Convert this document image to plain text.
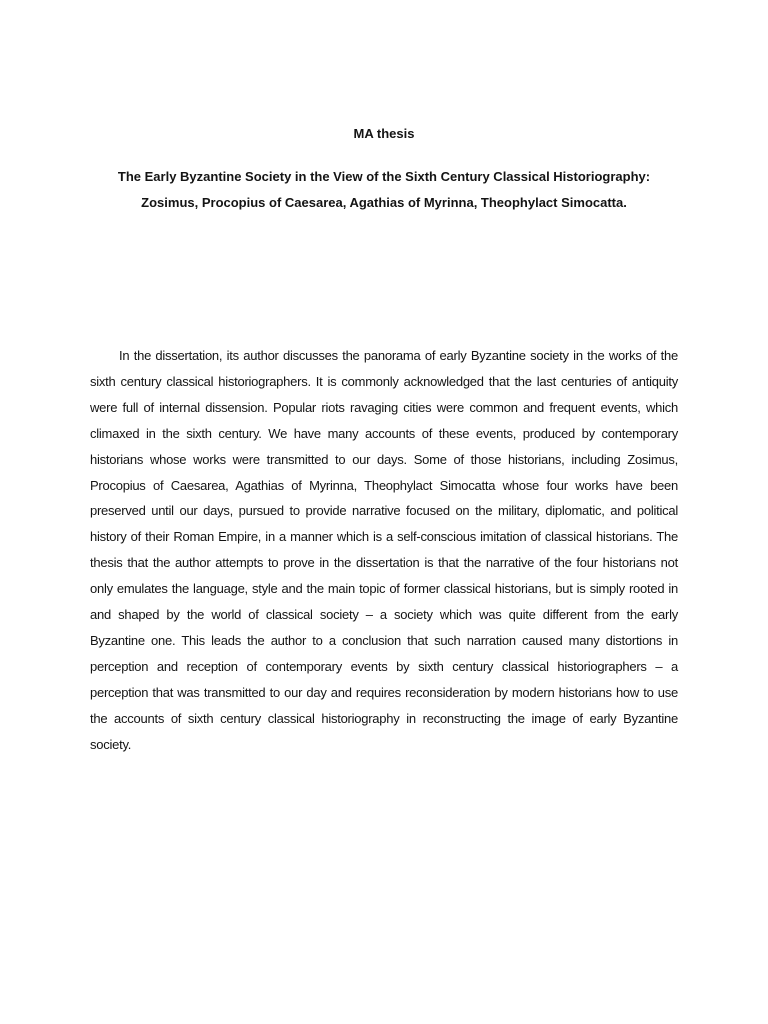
MA thesis
The Early Byzantine Society in the View of the Sixth Century Classical Historiography: Zosimus, Procopius of Caesarea, Agathias of Myrinna, Theophylact Simocatta.

In the dissertation, its author discusses the panorama of early Byzantine society in the works of the sixth century classical historiographers. It is commonly acknowledged that the last centuries of antiquity were full of internal dissension. Popular riots ravaging cities were common and frequent events, which climaxed in the sixth century. We have many accounts of these events, produced by contemporary historians whose works were transmitted to our days. Some of those historians, including Zosimus, Procopius of Caesarea, Agathias of Myrinna, Theophylact Simocatta whose four works have been preserved until our days, pursued to provide narrative focused on the military, diplomatic, and political history of their Roman Empire, in a manner which is a self-conscious imitation of classical historians. The thesis that the author attempts to prove in the dissertation is that the narrative of the four historians not only emulates the language, style and the main topic of former classical historians, but is simply rooted in and shaped by the world of classical society – a society which was quite different from the early Byzantine one. This leads the author to a conclusion that such narration caused many distortions in perception and reception of contemporary events by sixth century classical historiographers – a perception that was transmitted to our day and requires reconsideration by modern historians how to use the accounts of sixth century classical historiography in reconstructing the image of early Byzantine society.
